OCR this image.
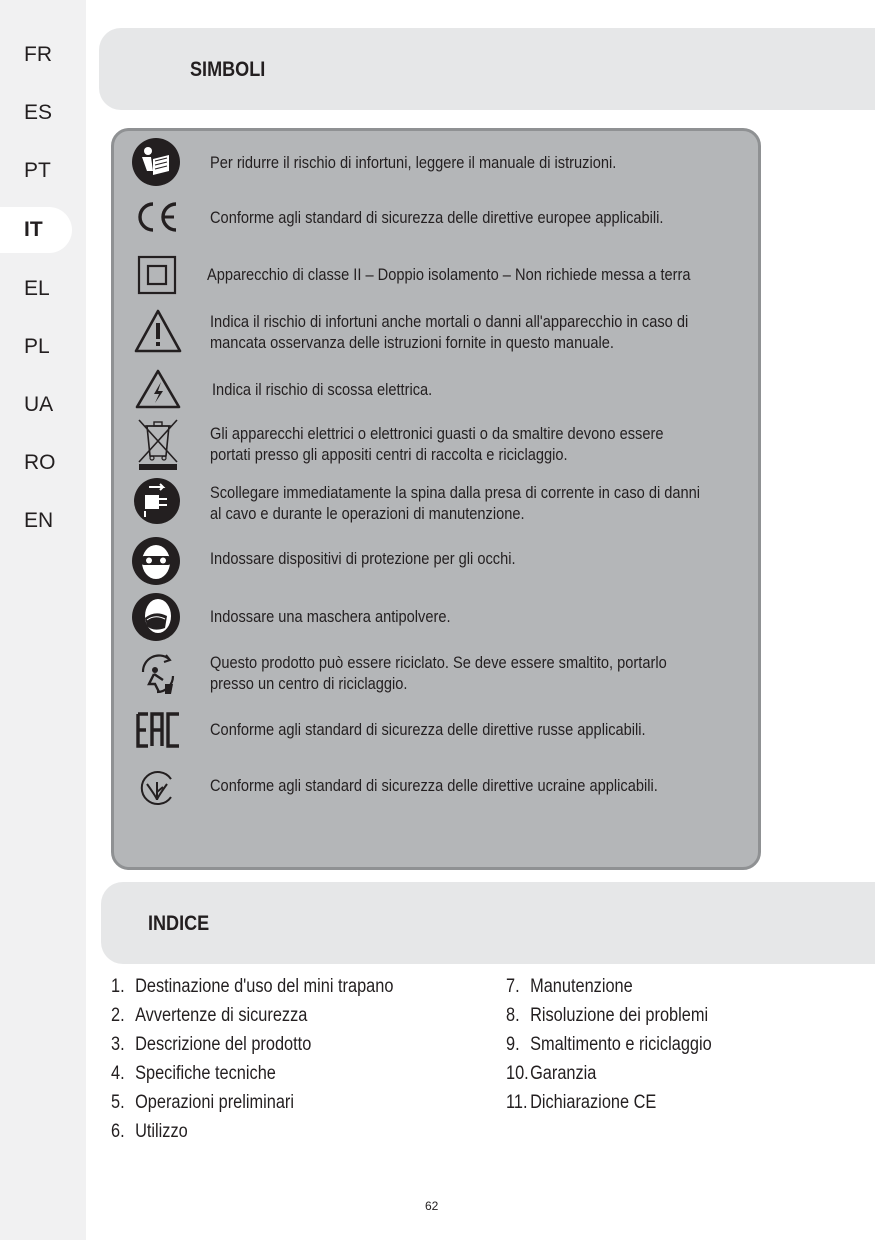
FR
ES
PT
IT
EL
PL
UA
RO
EN
SIMBOLI
Per ridurre il rischio di infortuni, leggere il manuale di istruzioni.
Conforme agli standard di sicurezza delle direttive europee applicabili.
Apparecchio di classe II – Doppio isolamento – Non richiede messa a terra
Indica il rischio di infortuni anche mortali o danni all'apparecchio in caso di
mancata osservanza delle istruzioni fornite in questo manuale.
Indica il rischio di scossa elettrica.
Gli apparecchi elettrici o elettronici guasti o da smaltire devono essere
portati presso gli appositi centri di raccolta e riciclaggio.
Scollegare immediatamente la spina dalla presa di corrente in caso di danni
al cavo e durante le operazioni di manutenzione.
Indossare dispositivi di protezione per gli occhi.
Indossare una maschera antipolvere.
Questo prodotto può essere riciclato. Se deve essere smaltito, portarlo
presso un centro di riciclaggio.
Conforme agli standard di sicurezza delle direttive russe applicabili.
Conforme agli standard di sicurezza delle direttive ucraine applicabili.
INDICE
1. Destinazione d'uso del mini trapano
2. Avvertenze di sicurezza
3. Descrizione del prodotto
4. Specifiche tecniche
5. Operazioni preliminari
6. Utilizzo
7. Manutenzione
8. Risoluzione dei problemi
9. Smaltimento e riciclaggio
10.Garanzia
11. Dichiarazione CE
62
